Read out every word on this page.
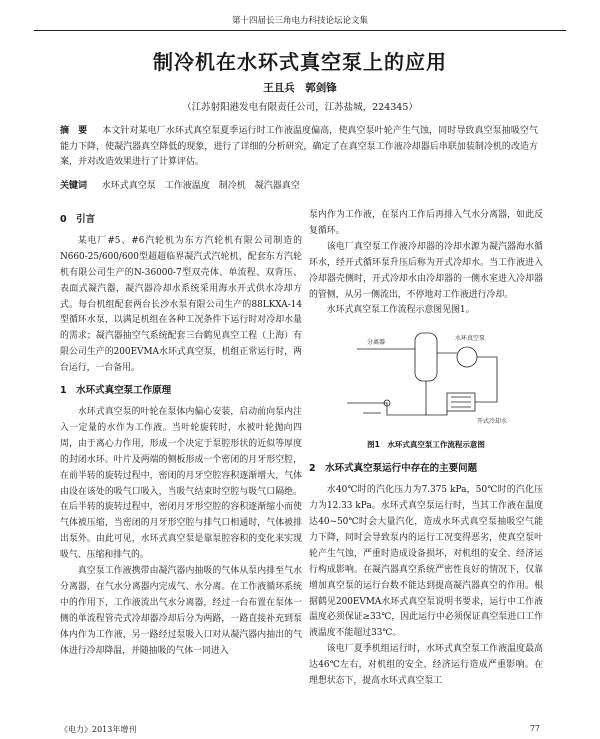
第十四届长三角电力科技论坛论文集
制冷机在水环式真空泵上的应用
王且兵　郭剑锋
（江苏射阳港发电有限责任公司，江苏盐城，224345）
摘　要 　 本文针对某电厂水环式真空泵夏季运行时工作液温度偏高，使真空泵叶轮产生气蚀，同时导致真空泵抽吸空气能力下降，使凝汽器真空降低的现象，进行了详细的分析研究，确定了在真空泵工作液冷却器后串联加装制冷机的改造方案，并对改造效果进行了计算评估。
关键词 　 水环式真空泵　工作液温度　制冷机　凝汽器真空
0　引言

某电厂#5、#6汽轮机为东方汽轮机有限公司制造的N660-25/600/600型超超临界凝汽式汽轮机，配套东方汽轮机有限公司生产的N-36000-7型双壳体、单流程、双背压、表面式凝汽器，凝汽器冷却水系统采用海水开式供水冷却方式。每台机组配套两台长沙水泵有限公司生产的88LKXA-14型循环水泵，以满足机组在各种工况条件下运行时对冷却水量的需求；凝汽器抽空气系统配套三台鹤见真空工程（上海）有限公司生产的200EVMA水环式真空泵，机组正常运行时，两台运行，一台备用。

1　水环式真空泵工作原理

水环式真空泵的叶轮在泵体内偏心安装，启动前向泵内注入一定量的水作为工作液。当叶轮旋转时，水被叶轮抛向四周，由于离心力作用，形成一个决定于泵腔形状的近似等厚度的封闭水环。叶片及两端的侧板形成一个密闭的月牙形空腔，在前半转的旋转过程中，密闭的月牙空腔容积逐渐增大，气体由设在该处的吸气口吸入，当吸气结束时空腔与吸气口隔绝。在后半转的旋转过程中，密闭月牙形空腔的容积逐渐缩小而使气体被压缩，当密闭的月牙形空腔与排气口相通时，气体被排出泵外。由此可见，水环式真空泵是靠泵腔容积的变化来实现吸气、压缩和排气的。

真空泵工作液携带由凝汽器内抽吸的气体从泵内排至气水分离器，在气水分离器内完成气、水分离。在工作液循环系统中的作用下，工作液流出气水分离器，经过一台布置在泵体一侧的单流程管壳式冷却器冷却后分为两路，一路直接补充到泵体内作为工作液，另一路经过泵吸入口对从凝汽器内抽出的气体进行冷却降温，并随抽吸的气体一同进入

泵内作为工作液，在泵内工作后再排入气水分离器，如此反复循环。

该电厂真空泵工作液冷却器的冷却水源为凝汽器海水循环水，经开式循环泵升压后称为开式冷却水。当工作液进入冷却器壳侧时，开式冷却水由冷却器的一侧水室进入冷却器的管侧，从另一侧流出，不停地对工作液进行冷却。

水环式真空泵工作流程示意图见图1。

分离器
水环真空泵
开式冷却水
图1　水环式真空泵工作流程示意图
2　水环式真空泵运行中存在的主要问题

水40℃时的汽化压力为7.375 kPa，50℃时的汽化压力为12.33 kPa。水环式真空泵运行时，当其工作液在温度达40~50℃时会大量汽化，造成水环式真空泵抽吸空气能力下降，同时会导致泵内的运行工况变得恶劣，使真空泵叶轮产生气蚀，严重时造成设备损坏，对机组的安全、经济运行构成影响。在凝汽器真空系统严密性良好的情况下，仅靠增加真空泵的运行台数不能达到提高凝汽器真空的作用。根据鹤见200EVMA水环式真空泵说明书要求，运行中工作液温度必须保证≥33℃，因此运行中必须保证真空泵进口工作液温度不能超过33℃。

该电厂夏季机组运行时，水环式真空泵工作液温度最高达46℃左右，对机组的安全、经济运行造成严重影响。在理想状态下，提高水环式真空泵工

《电力》2013年增刊	77
